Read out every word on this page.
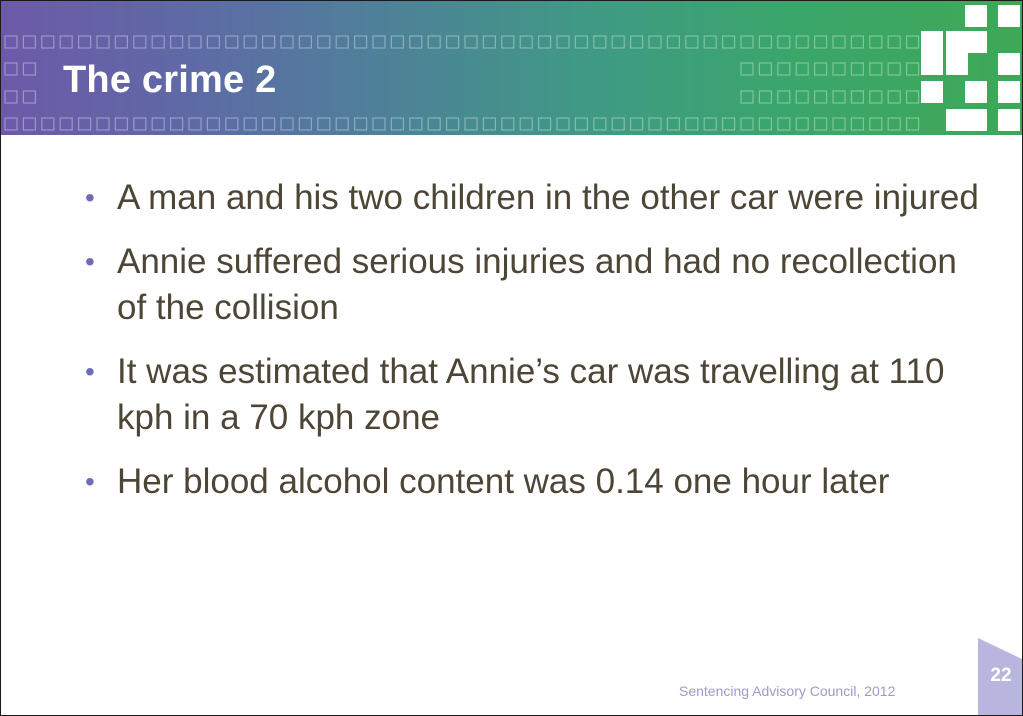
The crime 2
• A man and his two children in the other car were injured
• Annie suffered serious injuries and had no recollection of the collision
• It was estimated that Annie’s car was travelling at 110 kph in a 70 kph zone
• Her blood alcohol content was 0.14 one hour later
Sentencing Advisory Council, 2012
22
